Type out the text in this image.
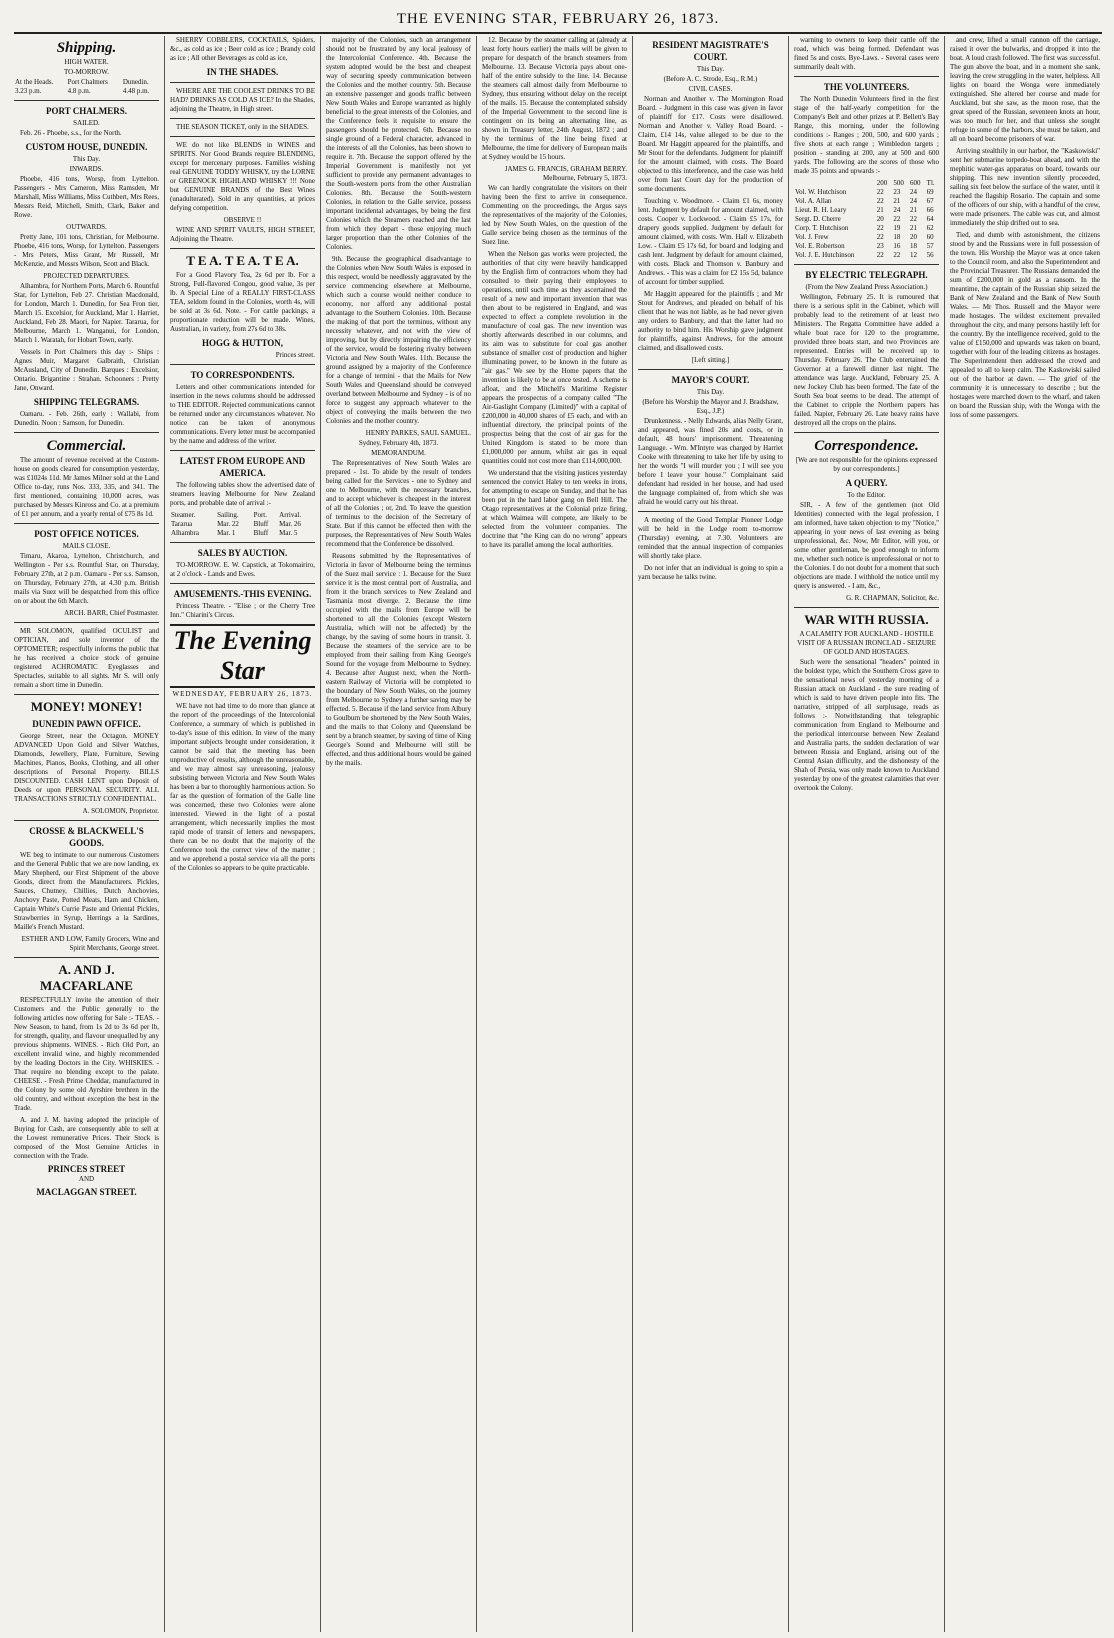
THE EVENING STAR, FEBRUARY 26, 1873.
Shipping.
HIGH WATER.
TO-MORROW.
At the Heads.	Port Chalmers	Dunedin.
3.23 p.m.	4.8 p.m.	4.48 p.m.
PORT CHALMERS.
SAILED.

Feb. 26 - Phoebe, s.s., for the North.

CUSTOM HOUSE, DUNEDIN.
This Day.
INWARDS.

Phoebe, 416 tons, Worsp, from Lyttelton. Passengers - Mrs Cameron, Miss Ramsden, Mr Marshall, Miss Williams, Miss Cuthbert, Mrs Rees, Messrs Reid, Mitchell, Smith, Clark, Baker and Rowe.

OUTWARDS.

Pretty Jane, 101 tons, Christian, for Melbourne. Phoebe, 416 tons, Worsp, for Lyttelton. Passengers - Mrs Peters, Miss Grant, Mr Russell, Mr McKenzie, and Messrs Wilson, Scott and Black.

PROJECTED DEPARTURES.

Alhambra, for Northern Ports, March 6. Rountful Star, for Lyttelton, Feb 27. Christian Macdonald, for London, March 1. Dunedin, for Sea Fron tier, March 15. Excelsior, for Auckland, Mar 1. Harriet, Auckland, Feb 28. Maori, for Napier. Tararua, for Melbourne, March 1. Wanganui, for London, March 1. Waratah, for Hobart Town, early.

Vessels in Port Chalmers this day :- Ships : Agnes Muir, Margaret Galbraith, Christian McAusland, City of Dunedin. Barques : Excelsior, Ontario. Brigantine : Strahan. Schooners : Pretty Jane, Onward.

SHIPPING TELEGRAMS.

Oamaru. - Feb. 26th, early : Wallabi, from Dunedin. Noon : Samson, for Dunedin.

Commercial.

The amount of revenue received at the Custom-house on goods cleared for consumption yesterday, was £1024s 11d. Mr James Milner sold at the Land Office to-day, runs Nos. 333, 335, and 341. The first mentioned, containing 10,000 acres, was purchased by Messrs Kinross and Co. at a premium of £1 per annum, and a yearly rental of £75 8s 1d.

POST OFFICE NOTICES.
MAILS CLOSE.

Timaru, Akaroa, Lyttelton, Christchurch, and Wellington - Per s.s. Rountful Star, on Thursday, February 27th, at 2 p.m. Oamaru - Per s.s. Samson, on Thursday, February 27th, at 4.30 p.m. British mails via Suez will be despatched from this office on or about the 6th March.

ARCH. BARR, Chief Postmaster.

MR SOLOMON, qualified OCULIST and OPTICIAN, and sole inventor of the OPTOMETER; respectfully informs the public that he has received a choice stock of genuine registered ACHROMATIC Eyeglasses and Spectacles, suitable to all sights. Mr S. will only remain a short time in Dunedin.

MONEY! MONEY!
DUNEDIN PAWN OFFICE.

George Street, near the Octagon. MONEY ADVANCED Upon Gold and Silver Watches, Diamonds, Jewellery, Plate, Furniture, Sewing Machines, Pianos, Books, Clothing, and all other descriptions of Personal Property. BILLS DISCOUNTED. CASH LENT upon Deposit of Deeds or upon PERSONAL SECURITY. ALL TRANSACTIONS STRICTLY CONFIDENTIAL.

A. SOLOMON, Proprietor.
CROSSE & BLACKWELL'S GOODS.

WE beg to intimate to our numerous Customers and the General Public that we are now landing, ex Mary Shepherd, our First Shipment of the above Goods, direct from the Manufacturers. Pickles, Sauces, Chutney, Chillies, Dutch Anchovies, Anchovy Paste, Potted Meats, Ham and Chicken, Captain White's Currie Paste and Oriental Pickles, Strawberries in Syrup, Herrings a la Sardines, Maille's French Mustard.

ESTHER AND LOW, Family Grocers, Wine and Spirit Merchants, George street.
A. AND J. MACFARLANE

RESPECTFULLY invite the attention of their Customers and the Public generally to the following articles now offering for Sale :- TEAS. - New Season, to hand, from 1s 2d to 3s 6d per lb, for strength, quality, and flavour unequalled by any previous shipments. WINES. - Rich Old Port, an excellent invalid wine, and highly recommended by the leading Doctors in the City. WHISKIES. - That require no blending except to the palate. CHEESE. - Fresh Prime Cheddar, manufactured in the Colony by some old Ayrshire brethren in the old country, and without exception the best in the Trade.

A. and J. M. having adopted the principle of Buying for Cash, are consequently able to sell at the Lowest remunerative Prices. Their Stock is composed of the Most Genuine Articles in connection with the Trade.

PRINCES STREET
AND
MACLAGGAN STREET.

SHERRY COBBLERS, COCKTAILS, Spiders, &c., as cold as ice ; Beer cold as ice ; Brandy cold as ice ; All other Beverages as cold as ice,

IN THE SHADES.

WHERE ARE THE COOLEST DRINKS TO BE HAD? DRINKS AS COLD AS ICE? In the Shades, adjoining the Theatre, in High street.

THE SEASON TICKET, only in the SHADES.

WE do not like BLENDS in WINES and SPIRITS. Nor Good Brands require BLENDING, except for mercenary purposes. Families wishing real GENUINE TODDY WHISKY, try the LORNE or GREENOCK HIGHLAND WHISKY !!! None but GENUINE BRANDS of the Best Wines (unadulterated). Sold in any quantities, at prices defying competition.

OBSERVE !!

WINE AND SPIRIT VAULTS, HIGH STREET, Adjoining the Theatre.

T E A. T E A. T E A.

For a Good Flavory Tea, 2s 6d per lb. For a Strong, Full-flavored Congou, good value, 3s per lb. A Special Line of a REALLY FIRST-CLASS TEA, seldom found in the Colonies, worth 4s, will be sold at 3s 6d. Note. - For cattle packings, a proportionate reduction will be made. Wines, Australian, in variety, from 27s 6d to 38s.

HOGG & HUTTON,
Princes street.
TO CORRESPONDENTS.

Letters and other communications intended for insertion in the news columns should be addressed to THE EDITOR. Rejected communications cannot be returned under any circumstances whatever. No notice can be taken of anonymous communications. Every letter must be accompanied by the name and address of the writer.

LATEST FROM EUROPE AND AMERICA.

The following tables show the advertised date of steamers leaving Melbourne for New Zealand ports, and probable date of arrival :-

Steamer.	Sailing.	Port.	Arrival.
Tararua	Mar. 22	Bluff	Mar. 26
Alhambra	Mar. 1	Bluff	Mar. 5
SALES BY AUCTION.

TO-MORROW. E. W. Capstick, at Tokomairiro, at 2 o'clock - Lands and Ewes.

AMUSEMENTS.-THIS EVENING.

Princess Theatre. - "Elise ; or the Cherry Tree Inn." Chiarini's Circus.

The Evening Star
WEDNESDAY, FEBRUARY 26, 1873.

WE have not had time to do more than glance at the report of the proceedings of the Intercolonial Conference, a summary of which is published in to-day's issue of this edition. In view of the many important subjects brought under consideration, it cannot be said that the meeting has been unproductive of results, although the unreasonable, and we may almost say unreasoning, jealousy subsisting between Victoria and New South Wales has been a bar to thoroughly harmonious action. So far as the question of formation of the Galle line was concerned, these two Colonies were alone interested. Viewed in the light of a postal arrangement, which necessarily implies the most rapid mode of transit of letters and newspapers, there can be no doubt that the majority of the Conference took the correct view of the matter ; and we apprehend a postal service via all the ports of the Colonies so appears to be quite practicable.

majority of the Colonies, such an arrangement should not be frustrated by any local jealousy of the Intercolonial Conference. 4th. Because the system adopted would be the best and cheapest way of securing speedy communication between the Colonies and the mother country. 5th. Because an extensive passenger and goods traffic between New South Wales and Europe warranted as highly beneficial to the great interests of the Colonies, and the Conference feels it requisite to ensure the passengers should be protected. 6th. Because no single ground of a Federal character, advanced in the interests of all the Colonies, has been shown to require it. 7th. Because the support offered by the Imperial Government is manifestly not yet sufficient to provide any permanent advantages to the South-western ports from the other Australian Colonies. 8th. Because the South-western Colonies, in relation to the Galle service, possess important incidental advantages, by being the first Colonies which the Steamers reached and the last from which they depart - those enjoying much larger proportion than the other Colonies of the Colonies.

9th. Because the geographical disadvantage to the Colonies when New South Wales is exposed in this respect, would be needlessly aggravated by the service commencing elsewhere at Melbourne, which such a course would neither conduce to economy, nor afford any additional postal advantage to the Southern Colonies. 10th. Because the making of that port the terminus, without any necessity whatever, and not with the view of improving, but by directly impairing the efficiency of the service, would be fostering rivalry between Victoria and New South Wales. 11th. Because the ground assigned by a majority of the Conference for a change of termini - that the Mails for New South Wales and Queensland should be conveyed overland between Melbourne and Sydney - is of no force to suggest any approach whatever to the object of conveying the mails between the two Colonies and the mother country.

HENRY PARKES, SAUL SAMUEL.
Sydney, February 4th, 1873.
MEMORANDUM.

The Representatives of New South Wales are prepared - 1st. To abide by the result of tenders being called for the Services - one to Sydney and one to Melbourne, with the necessary branches, and to accept whichever is cheapest in the interest of all the Colonies ; or, 2nd. To leave the question of terminus to the decision of the Secretary of State. But if this cannot be effected then with the purposes, the Representatives of New South Wales recommend that the Conference be dissolved.

Reasons submitted by the Representatives of Victoria in favor of Melbourne being the terminus of the Suez mail service : 1. Because for the Suez service it is the most central port of Australia, and from it the branch services to New Zealand and Tasmania most diverge. 2. Because the time occupied with the mails from Europe will be shortened to all the Colonies (except Western Australia, which will not be affected) by the change, by the saving of some hours in transit. 3. Because the steamers of the service are to be employed from their sailing from King George's Sound for the voyage from Melbourne to Sydney. 4. Because after August next, when the North-eastern Railway of Victoria will be completed to the boundary of New South Wales, on the journey from Melbourne to Sydney a further saving may be effected. 5. Because if the land service from Albury to Goulburn be shortened by the New South Wales, and the mails to that Colony and Queensland be sent by a branch steamer, by saving of time of King George's Sound and Melbourne will still be effected, and thus additional hours would be gained by the mails.

12. Because by the steamer calling at (already at least forty hours earlier) the mails will be given to prepare for despatch of the branch steamers from Melbourne. 13. Because Victoria pays about one-half of the entire subsidy to the line. 14. Because the steamers call almost daily from Melbourne to Sydney, thus ensuring without delay on the receipt of the mails. 15. Because the contemplated subsidy of the Imperial Government to the second line is contingent on its being an alternating line, as shown in Treasury letter, 24th August, 1872 ; and by the terminus of the line being fixed at Melbourne, the time for delivery of European mails at Sydney would be 15 hours.

JAMES G. FRANCIS, GRAHAM BERRY. Melbourne, February 5, 1873.

We can hardly congratulate the visitors on their having been the first to arrive in consequence. Commenting on the proceedings, the Argus says the representatives of the majority of the Colonies, led by New South Wales, on the question of the Galle service being chosen as the terminus of the Suez line.

When the Nelson gas works were projected, the authorities of that city were heavily handicapped by the English firm of contractors whom they had consulted to their paying their employees to operations, until such time as they ascertained the result of a new and important invention that was then about to be registered in England, and was expected to effect a complete revolution in the manufacture of coal gas. The new invention was shortly afterwards described in our columns, and its aim was to substitute for coal gas another substance of smaller cost of production and higher illuminating power, to be known in the future as "air gas." We see by the Home papers that the invention is likely to be at once tested. A scheme is afloat, and the Mitchell's Maritime Register appears the prospectus of a company called "The Air-Gaslight Company (Limited)" with a capital of £200,000 in 40,000 shares of £5 each, and with an influential directory, the principal points of the prospectus being that the cost of air gas for the United Kingdom is stated to be more than £1,000,000 per annum, whilst air gas in equal quantities could not cost more than £114,000,000.

We understand that the visiting justices yesterday sentenced the convict Haley to ten weeks in irons, for attempting to escape on Sunday, and that he has been put in the hard labor gang on Bell Hill. The Otago representatives at the Colonial prize firing, at which Waimea will compete, are likely to be selected from the volunteer companies. The doctrine that "the King can do no wrong" appears to have its parallel among the local authorities.

RESIDENT MAGISTRATE'S COURT.
This Day.
(Before A. C. Strode, Esq., R.M.)
CIVIL CASES.

Norman and Another v. The Mornington Road Board. - Judgment in this case was given in favor of plaintiff for £17. Costs were disallowed. Norman and Another v. Valley Road Board. - Claim, £14 14s, value alleged to be due to the Board. Mr Haggitt appeared for the plaintiffs, and Mr Stout for the defendants. Judgment for plaintiff for the amount claimed, with costs. The Board objected to this interference, and the case was held over from last Court day for the production of some documents.

Touching v. Woodmore. - Claim £1 6s, money lent. Judgment by default for amount claimed, with costs. Cooper v. Lockwood. - Claim £5 17s, for drapery goods supplied. Judgment by default for amount claimed, with costs. Wm. Hall v. Elizabeth Low. - Claim £5 17s 6d, for board and lodging and cash lent. Judgment by default for amount claimed, with costs. Black and Thomson v. Banbury and Andrews. - This was a claim for £2 15s 5d, balance of account for timber supplied.

Mr Haggitt appeared for the plaintiffs ; and Mr Stout for Andrews, and pleaded on behalf of his client that he was not liable, as he had never given any orders to Banbury, and that the latter had no authority to bind him. His Worship gave judgment for plaintiffs, against Andrews, for the amount claimed, and disallowed costs.

[Left sitting.]
MAYOR'S COURT.
This Day.
(Before his Worship the Mayor and J. Bradshaw, Esq., J.P.)

Drunkenness. - Nelly Edwards, alias Nelly Grant, and appeared, was fined 20s and costs, or in default, 48 hours' imprisonment. Threatening Language. - Wm. M'Intyre was charged by Harriet Cooke with threatening to take her life by using to her the words "I will murder you ; I will see you before I leave your house." Complainant said defendant had resided in her house, and had used the language complained of, from which she was afraid he would carry out his threat.

A meeting of the Good Templar Pioneer Lodge will be held in the Lodge room to-morrow (Thursday) evening, at 7.30. Volunteers are reminded that the annual inspection of companies will shortly take place.

Do not infer that an individual is going to spin a yarn because he talks twine.

warning to owners to keep their cattle off the road, which was being formed. Defendant was fined 5s and costs. Bye-Laws. - Several cases were summarily dealt with.

THE VOLUNTEERS.

The North Dunedin Volunteers fired in the first stage of the half-yearly competition for the Company's Belt and other prizes at P. Bellett's Bay Range, this morning, under the following conditions :- Ranges ; 200, 500, and 600 yards ; five shots at each range ; Wimbledon targets ; position - standing at 200, any at 500 and 600 yards. The following are the scores of those who made 35 points and upwards :-

	200	500	600	Tl.
Vol. W. Hutchison	22	23	24	69
Vol. A. Allan	22	21	24	67
Lieut. R. H. Leary	21	24	21	66
Sergt. D. Cherre	20	22	22	64
Corp. T. Hutchison	22	19	21	62
Vol. J. Frew	22	18	20	60
Vol. E. Robertson	23	16	18	57
Vol. J. E. Hutchinson	22	22	12	56
BY ELECTRIC TELEGRAPH.
(From the New Zealand Press Association.)

Wellington, February 25. It is rumoured that there is a serious split in the Cabinet, which will probably lead to the retirement of at least two Ministers. The Regatta Committee have added a whale boat race for 120 to the programme, provided three boats start, and two Provinces are represented. Entries will be received up to Thursday. February 26. The Club entertained the Governor at a farewell dinner last night. The attendance was large. Auckland, February 25. A new Jockey Club has been formed. The fate of the South Sea boat seems to be dead. The attempt of the Cabinet to cripple the Northern papers has failed. Napier, February 26. Late heavy rains have destroyed all the crops on the plains.

Correspondence.
[We are not responsible for the opinions expressed by our correspondents.]
A QUERY.
To the Editor.

SIR, - A few of the gentlemen (not Old Identities) connected with the legal profession, I am informed, have taken objection to my "Notice," appearing in your news of last evening as being unprofessional, &c. Now, Mr Editor, will you, or some other gentleman, be good enough to inform me, whether such notice is unprofessional or not to the Colonies. I do not doubt for a moment that such objections are made. I withhold the notice until my query is answered. - I am, &c.,

G. R. CHAPMAN, Solicitor, &c.
WAR WITH RUSSIA.
A CALAMITY FOR AUCKLAND - HOSTILE VISIT OF A RUSSIAN IRONCLAD - SEIZURE OF GOLD AND HOSTAGES.

Such were the sensational "headers" pointed in the boldest type, which the Southern Cross gave to the sensational news of yesterday morning of a Russian attack on Auckland - the sure reading of which is said to have driven people into fits. The narrative, stripped of all surplusage, reads as follows :- Notwithstanding that telegraphic communication from England to Melbourne and the periodical intercourse between New Zealand and Australia parts, the sudden declaration of war between Russia and England, arising out of the Central Asian difficulty, and the dishonesty of the Shah of Persia, was only made known to Auckland yesterday by one of the greatest calamities that ever overtook the Colony.

and crew, lifted a small cannon off the carriage, raised it over the bulwarks, and dropped it into the boat. A loud crash followed. The first was successful. The gun above the boat, and in a moment she sank, leaving the crew struggling in the water, helpless. All lights on board the Wonga were immediately extinguished. She altered her course and made for Auckland, but she saw, as the moon rose, that the great speed of the Russian, seventeen knots an hour, was too much for her, and that unless she sought refuge in some of the harbors, she must be taken, and all on board become prisoners of war.

Arriving stealthily in our harbor, the "Kaskowiski" sent her submarine torpedo-boat ahead, and with the mephitic water-gas apparatus on board, towards our shipping. This new invention silently proceeded, sailing six feet below the surface of the water, until it reached the flagship Rosario. The captain and some of the officers of our ship, with a handful of the crew, were made prisoners. The cable was cut, and almost immediately the ship drifted out to sea.

Tied, and dumb with astonishment, the citizens stood by and the Russians were in full possession of the town. His Worship the Mayor was at once taken to the Council room, and also the Superintendent and the Provincial Treasurer. The Russians demanded the sum of £200,000 in gold as a ransom. In the meantime, the captain of the Russian ship seized the Bank of New Zealand and the Bank of New South Wales. — Mr Thos. Russell and the Mayor were made hostages. The wildest excitement prevailed throughout the city, and many persons hastily left for the country. By the intelligence received, gold to the value of £150,000 and upwards was taken on board, together with four of the leading citizens as hostages. The Superintendent then addressed the crowd and appealed to all to keep calm. The Kaskowiski sailed out of the harbor at dawn. — The grief of the community it is unnecessary to describe ; but the hostages were marched down to the wharf, and taken on board the Russian ship, with the Wonga with the loss of some passengers.
